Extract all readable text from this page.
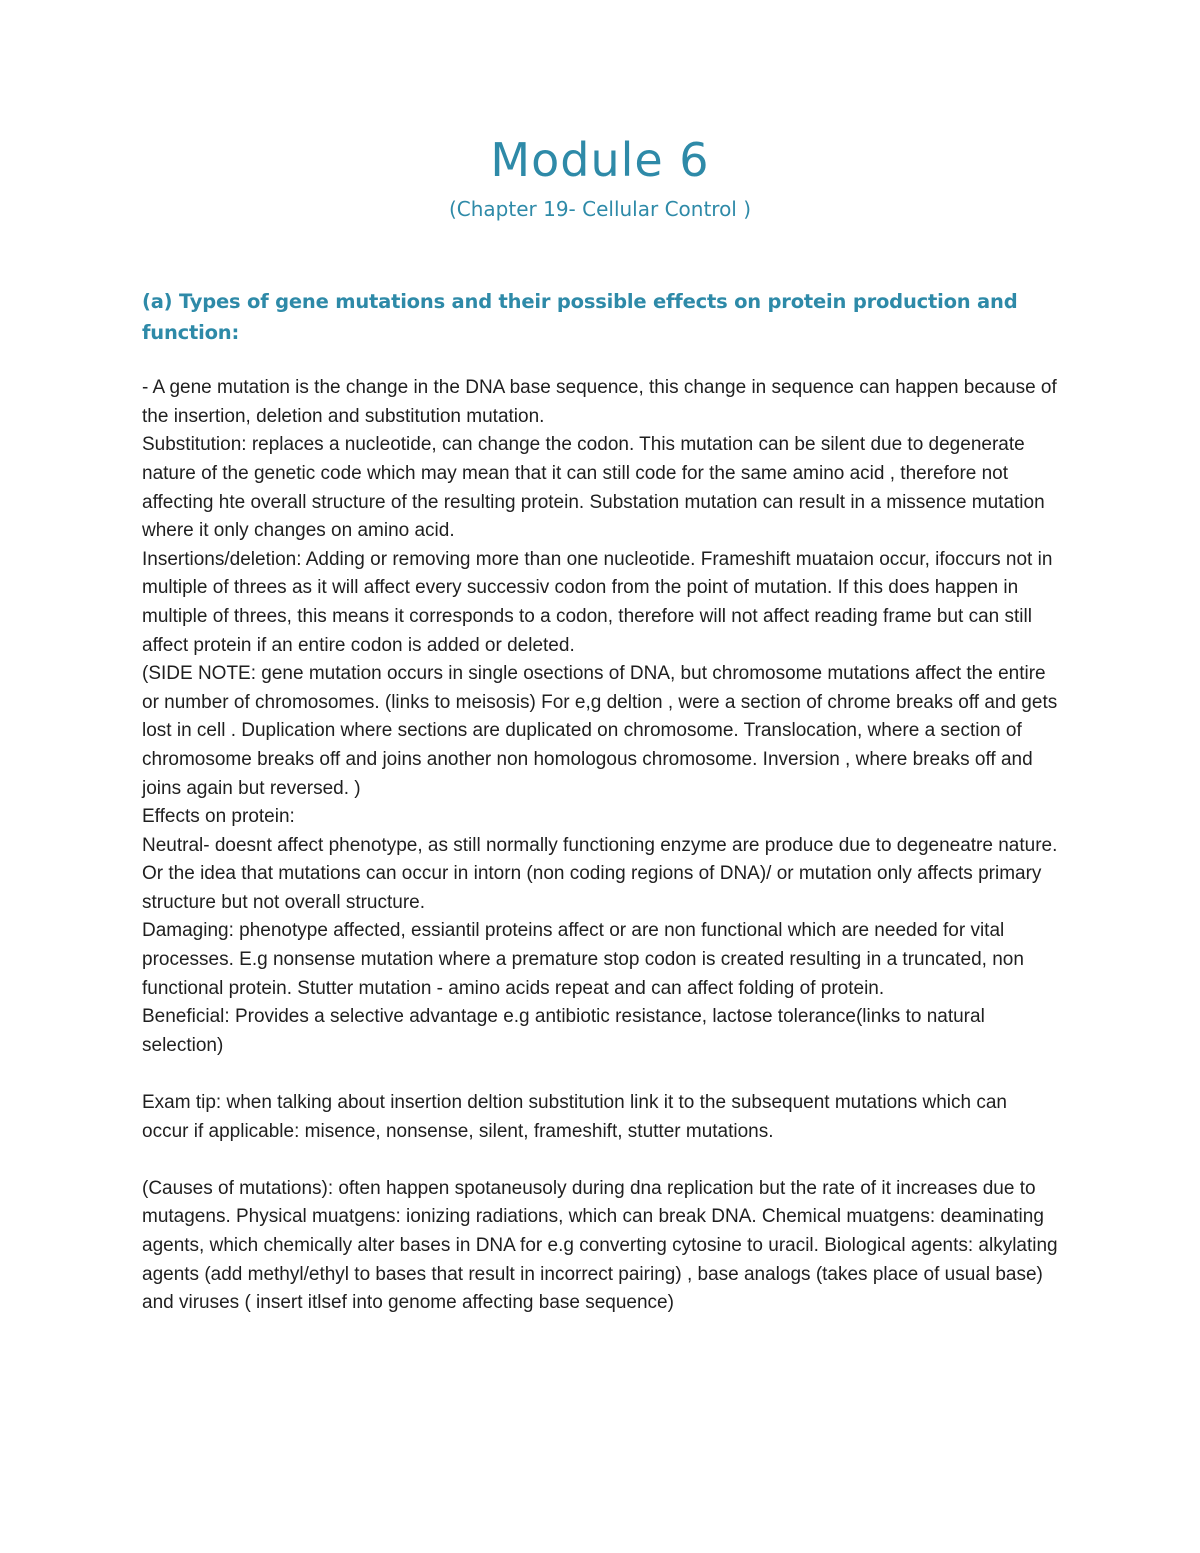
Module 6
(Chapter 19- Cellular Control )
(a) Types of gene mutations and their possible effects on protein production and function:

- A gene mutation is the change in the DNA base sequence, this change in sequence can happen because of the insertion, deletion and substitution mutation.

Substitution: replaces a nucleotide, can change the codon. This mutation can be silent due to degenerate nature of the genetic code which may mean that it can still code for the same amino acid , therefore not affecting hte overall structure of the resulting protein. Substation mutation can result in a missence mutation where it only changes on amino acid.

Insertions/deletion: Adding or removing more than one nucleotide. Frameshift muataion occur, ifoccurs not in multiple of threes as it will affect every successiv codon from the point of mutation. If this does happen in multiple of threes, this means it corresponds to a codon, therefore will not affect reading frame but can still affect protein if an entire codon is added or deleted.

(SIDE NOTE: gene mutation occurs in single osections of DNA, but chromosome mutations affect the entire or number of chromosomes. (links to meisosis) For e,g deltion , were a section of chrome breaks off and gets lost in cell . Duplication where sections are duplicated on chromosome. Translocation, where a section of chromosome breaks off and joins another non homologous chromosome. Inversion , where breaks off and joins again but reversed. )

Effects on protein:

Neutral- doesnt affect phenotype, as still normally functioning enzyme are produce due to degeneatre nature. Or the idea that mutations can occur in intorn (non coding regions of DNA)/ or mutation only affects primary structure but not overall structure.

Damaging: phenotype affected, essiantil proteins affect or are non functional which are needed for vital processes. E.g nonsense mutation where a premature stop codon is created resulting in a truncated, non functional protein. Stutter mutation - amino acids repeat and can affect folding of protein.

Beneficial: Provides a selective advantage e.g antibiotic resistance, lactose tolerance(links to natural selection)

Exam tip: when talking about insertion deltion substitution link it to the subsequent mutations which can occur if applicable: misence, nonsense, silent, frameshift, stutter mutations.

(Causes of mutations): often happen spotaneusoly during dna replication but the rate of it increases due to mutagens. Physical muatgens: ionizing radiations, which can break DNA. Chemical muatgens: deaminating agents, which chemically alter bases in DNA for e.g converting cytosine to uracil. Biological agents: alkylating agents (add methyl/ethyl to bases that result in incorrect pairing) , base analogs (takes place of usual base) and viruses ( insert itlsef into genome affecting base sequence)
